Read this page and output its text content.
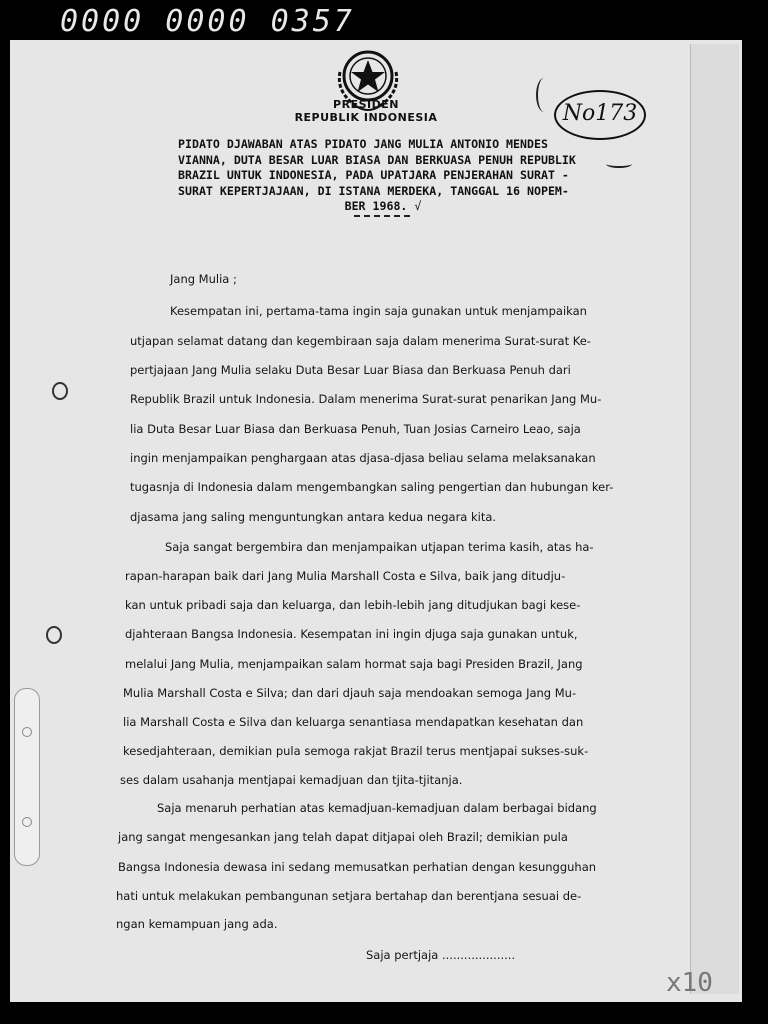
0000 0000 0357
x10
No173
PRESIDEN
REPUBLIK INDONESIA
PIDATO DJAWABAN ATAS PIDATO JANG MULIA ANTONIO MENDES
VIANNA, DUTA BESAR LUAR BIASA DAN BERKUASA PENUH REPUBLIK
BRAZIL UNTUK INDONESIA, PADA UPATJARA PENJERAHAN SURAT -
SURAT KEPERTJAJAAN, DI ISTANA MERDEKA, TANGGAL 16 NOPEM-
BER 1968. √
Jang Mulia ;
Kesempatan ini, pertama-tama ingin saja gunakan untuk menjampaikan
utjapan selamat datang dan kegembiraan saja dalam menerima Surat-surat Ke-
pertjajaan Jang Mulia selaku Duta Besar Luar Biasa dan Berkuasa Penuh dari
Republik Brazil untuk Indonesia. Dalam menerima Surat-surat penarikan Jang Mu-
lia Duta Besar Luar Biasa dan Berkuasa Penuh, Tuan Josias Carneiro Leao, saja
ingin menjampaikan penghargaan atas djasa-djasa beliau selama melaksanakan
tugasnja di Indonesia dalam mengembangkan saling pengertian dan hubungan ker-
djasama jang saling menguntungkan antara kedua negara kita.
Saja sangat bergembira dan menjampaikan utjapan terima kasih, atas ha-
rapan-harapan baik dari Jang Mulia Marshall Costa e Silva, baik jang ditudju-
kan untuk pribadi saja dan keluarga, dan lebih-lebih jang ditudjukan bagi kese-
djahteraan Bangsa Indonesia. Kesempatan ini ingin djuga saja gunakan untuk,
melalui Jang Mulia, menjampaikan salam hormat saja bagi Presiden Brazil, Jang
Mulia Marshall Costa e Silva; dan dari djauh saja mendoakan semoga Jang Mu-
lia Marshall Costa e Silva dan keluarga senantiasa mendapatkan kesehatan dan
kesedjahteraan, demikian pula semoga rakjat Brazil terus mentjapai sukses-suk-
ses dalam usahanja mentjapai kemadjuan dan tjita-tjitanja.
Saja menaruh perhatian atas kemadjuan-kemadjuan dalam berbagai bidang
jang sangat mengesankan jang telah dapat ditjapai oleh Brazil; demikian pula
Bangsa Indonesia dewasa ini sedang memusatkan perhatian dengan kesungguhan
hati untuk melakukan pembangunan setjara bertahap dan berentjana sesuai de-
ngan kemampuan jang ada.
Saja pertjaja ....................
